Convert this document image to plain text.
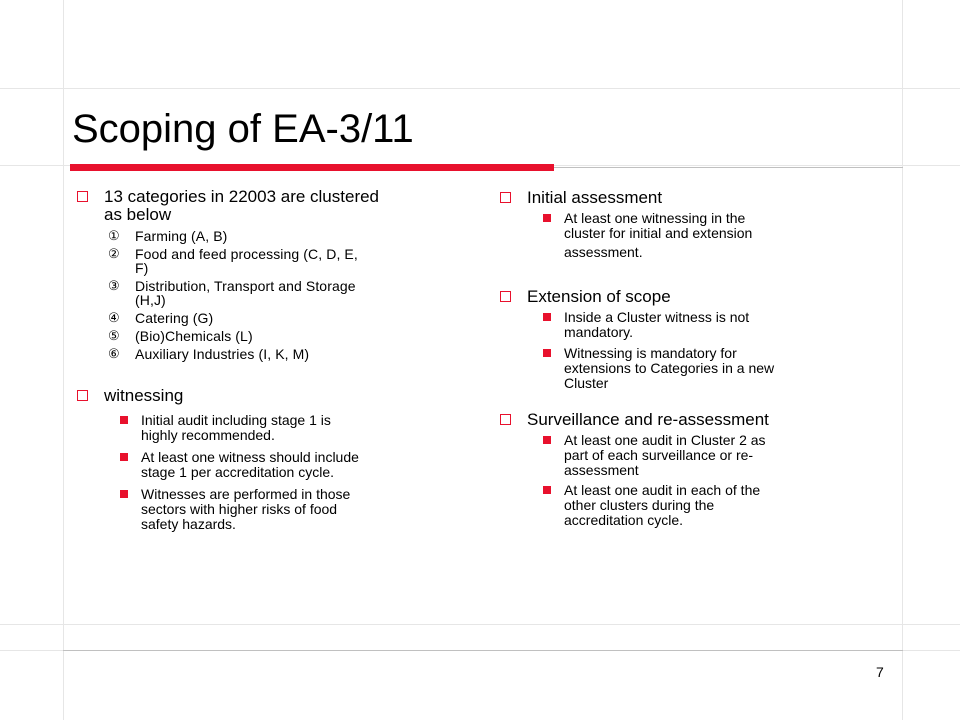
Scoping of EA-3/11
13 categories in 22003 are clustered
as below
① Farming (A, B)
② Food and feed processing (C, D, E,
F)
③ Distribution, Transport and Storage
(H,J)
④ Catering (G)
⑤ (Bio)Chemicals (L)
⑥ Auxiliary Industries (I, K, M)
witnessing
Initial audit including stage 1 is
highly recommended.
At least one witness should include
stage 1 per accreditation cycle.
Witnesses are performed in those
sectors with higher risks of food
safety hazards.
Initial assessment
At least one witnessing in the
cluster for initial and extension
assessment.
Extension of scope
Inside a Cluster witness is not
mandatory.
Witnessing is mandatory for
extensions to Categories in a new
Cluster
Surveillance and re-assessment
At least one audit in Cluster 2 as
part of each surveillance or re-
assessment
At least one audit in each of the
other clusters during the
accreditation cycle.
7
